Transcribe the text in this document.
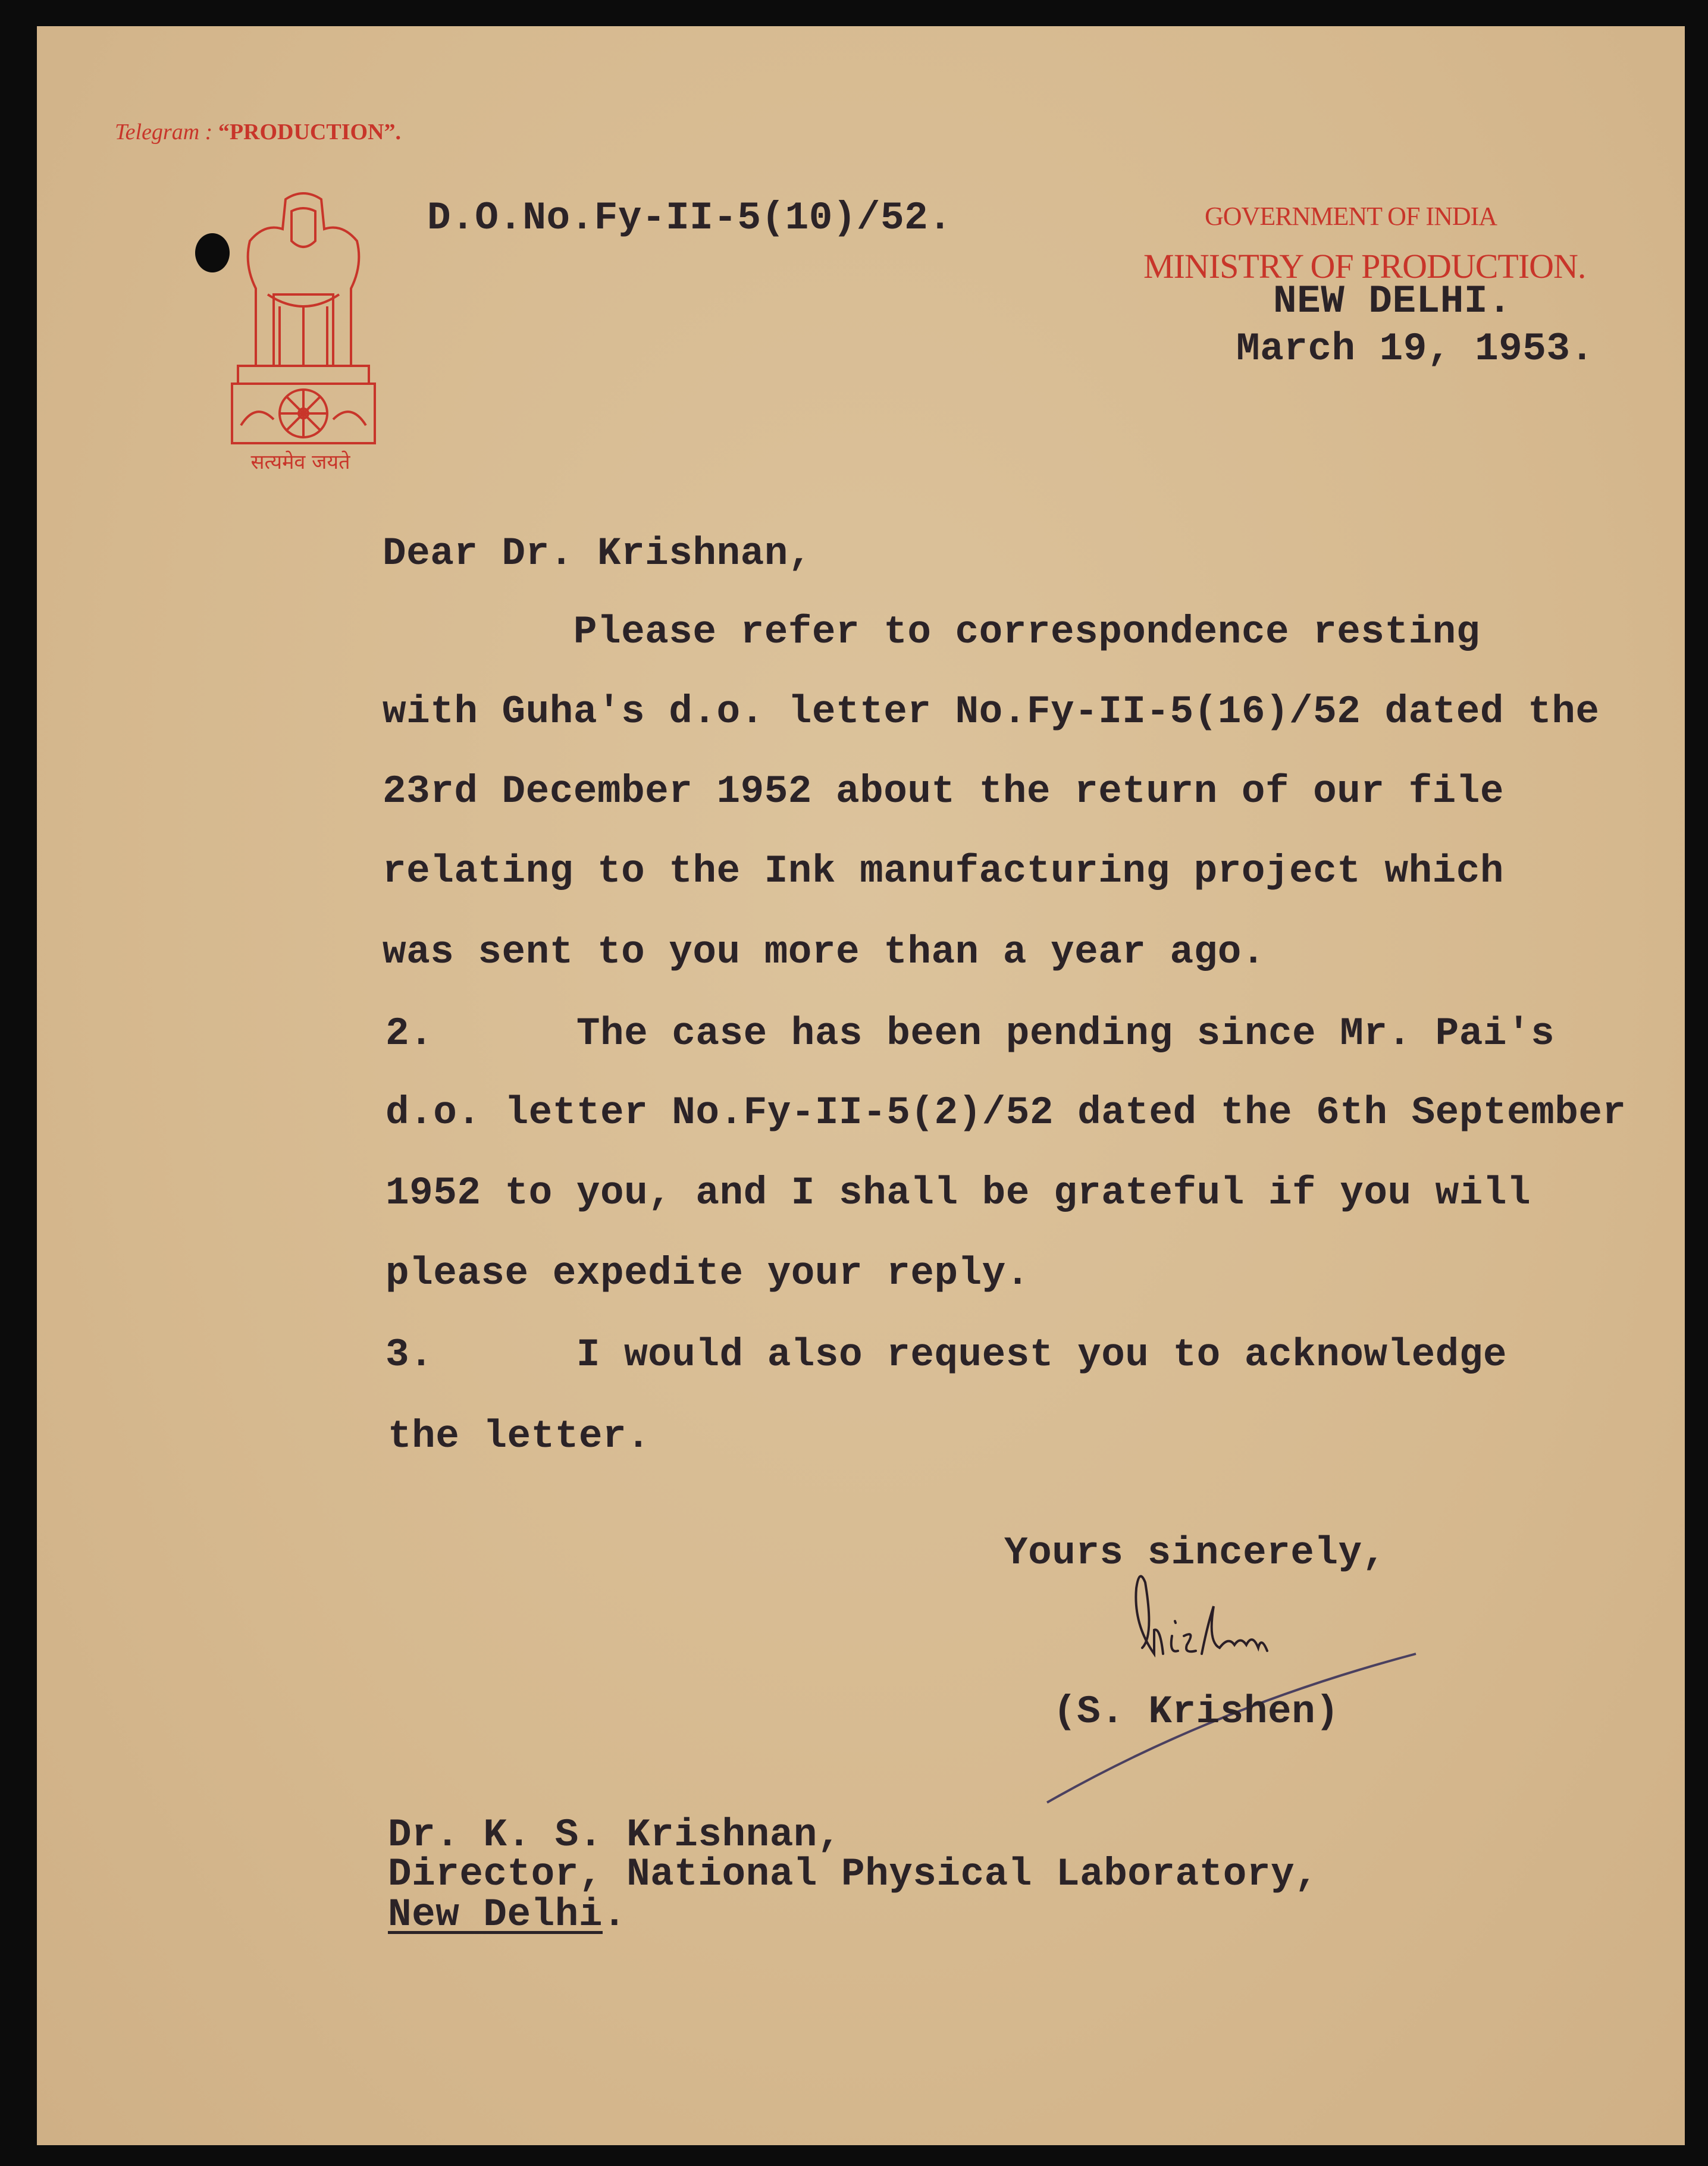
Telegram : “PRODUCTION”.
सत्यमेव जयते
D.O.No.Fy-II-5(10)/52.	GOVERNMENT OF INDIA
MINISTRY OF PRODUCTION.
NEW DELHI.
March 19, 1953.
Dear Dr. Krishnan,
Please refer to correspondence resting
with Guha's d.o. letter No.Fy-II-5(16)/52 dated the
23rd December 1952 about the return of our file
relating to the Ink manufacturing project which
was sent to you more than a year ago.
2.      The case has been pending since Mr. Pai's
d.o. letter No.Fy-II-5(2)/52 dated the 6th September
1952 to you, and I shall be grateful if you will
please expedite your reply.
3.      I would also request you to acknowledge
the letter.
Yours sincerely,
(S. Krishen)
Dr. K. S. Krishnan,
Director, National Physical Laboratory,
New Delhi.
